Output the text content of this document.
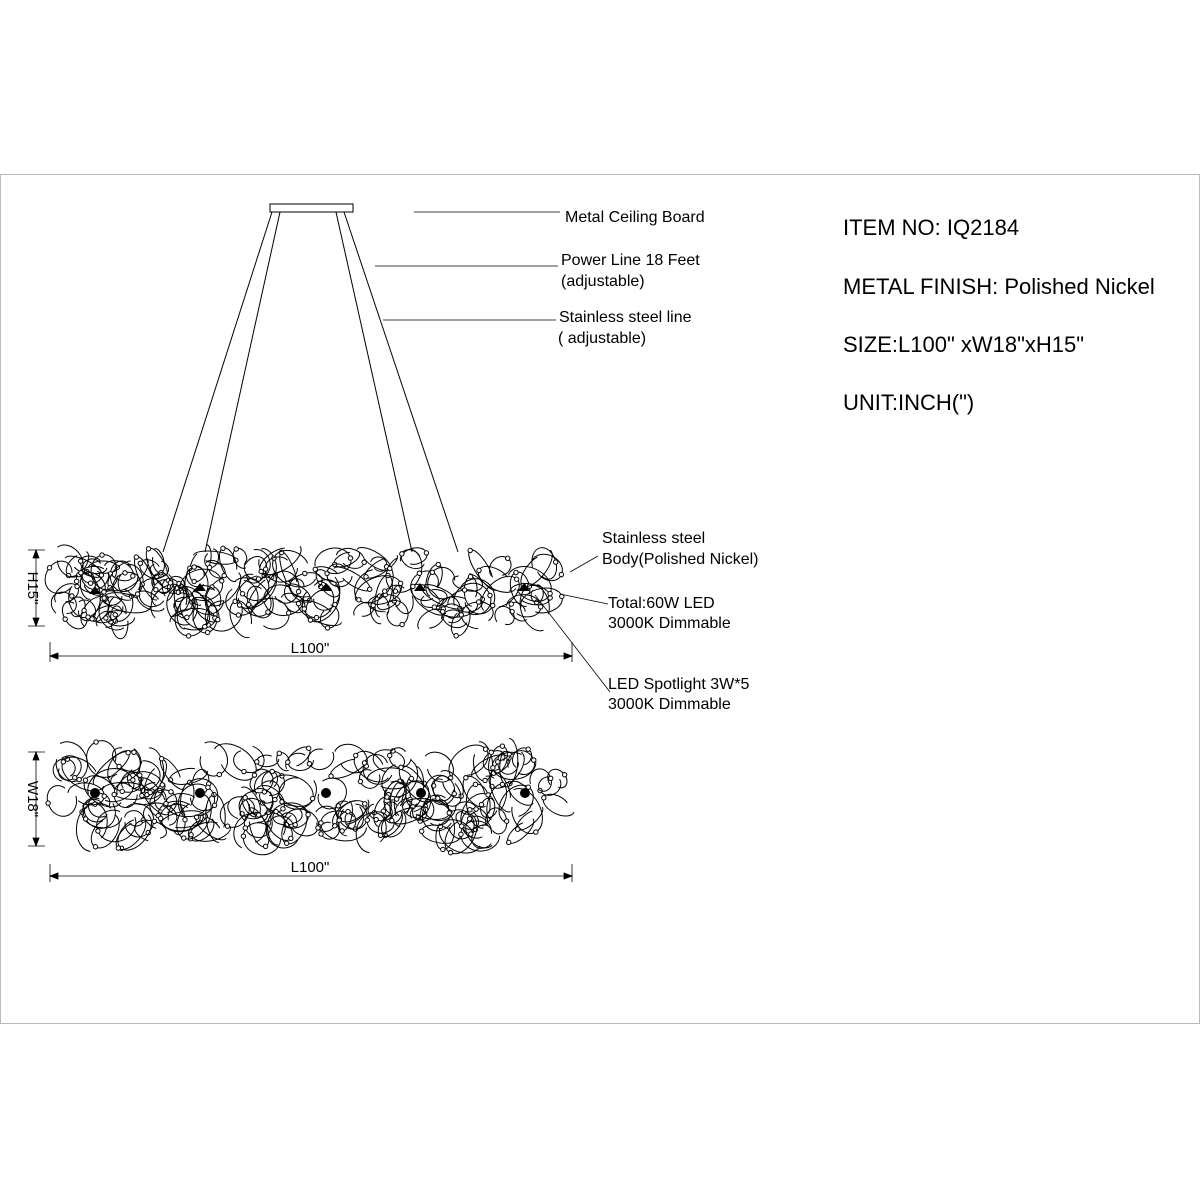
H15"
L100"
W18"
L100"
Metal Ceiling Board
Power Line 18 Feet
(adjustable)
Stainless steel line
( adjustable)
Stainless steel
Body(Polished Nickel)
Total:60W LED
3000K Dimmable
LED Spotlight 3W*5
3000K Dimmable
ITEM NO: IQ2184
METAL FINISH: Polished Nickel
SIZE:L100" xW18"xH15"
UNIT:INCH(")
